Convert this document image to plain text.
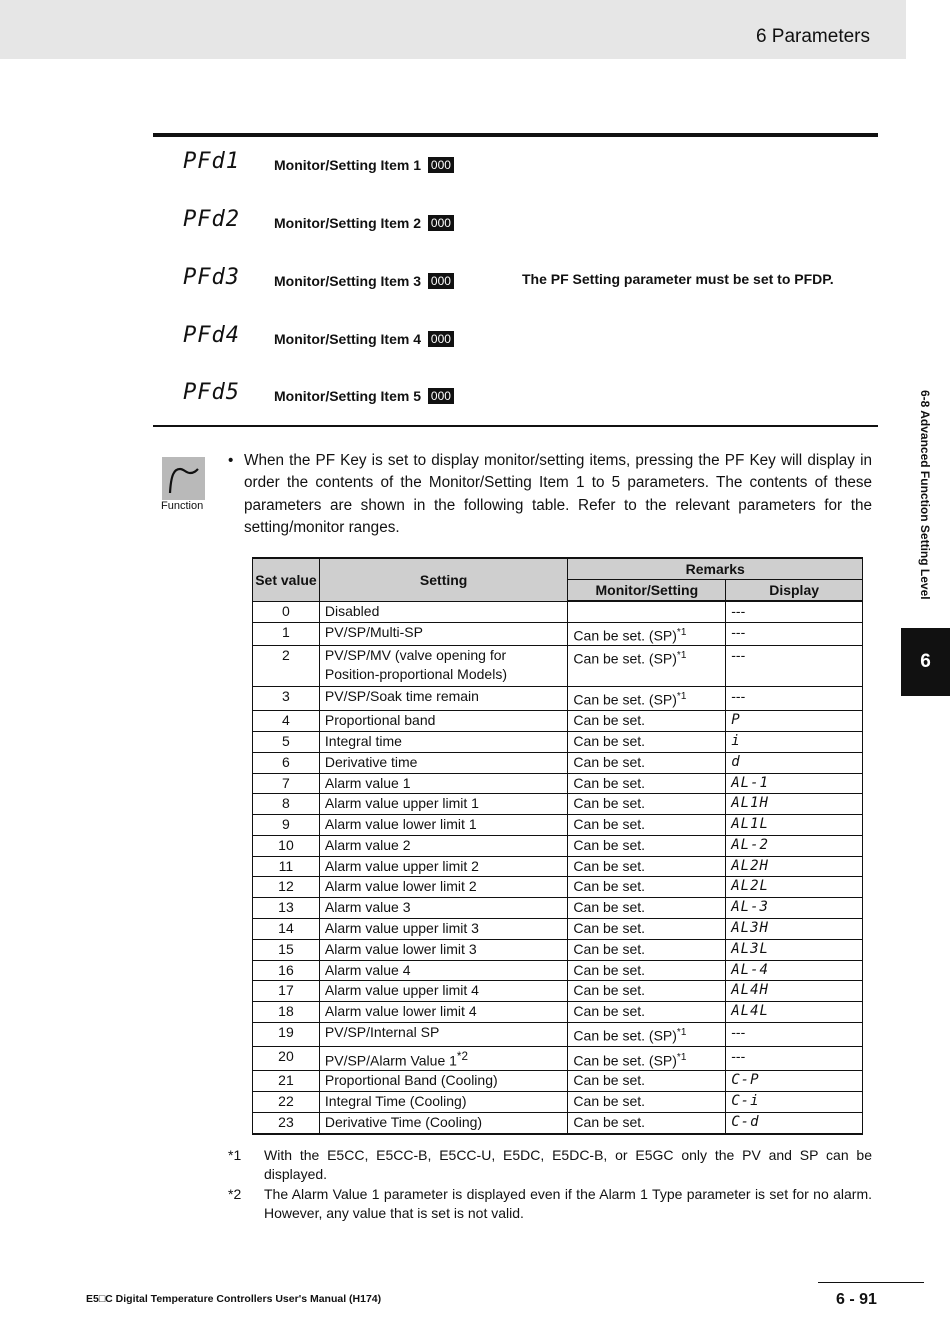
6 Parameters
PFd1 Monitor/Setting Item 1 000
PFd2 Monitor/Setting Item 2 000
PFd3 Monitor/Setting Item 3 000
PFd4 Monitor/Setting Item 4 000
PFd5 Monitor/Setting Item 5 000
The PF Setting parameter must be set to PFDP.
Function
• When the PF Key is set to display monitor/setting items, pressing the PF Key will display in order the contents of the Monitor/Setting Item 1 to 5 parameters. The contents of these parameters are shown in the following table. Refer to the relevant parameters for the setting/monitor ranges.
Set value	Setting	Remarks	
		Monitor/Setting	Display
0	Disabled		---
1	PV/SP/Multi-SP	Can be set. (SP)$^{*1}$	---
2	PV/SP/MV (valve opening for Position-proportional Models)	Can be set. (SP)$^{*1}$	---
3	PV/SP/Soak time remain	Can be set. (SP)$^{*1}$	---
4	Proportional band	Can be set.	P
5	Integral time	Can be set.	i
6	Derivative time	Can be set.	d
7	Alarm value 1	Can be set.	AL-1
8	Alarm value upper limit 1	Can be set.	AL1H
9	Alarm value lower limit 1	Can be set.	AL1L
10	Alarm value 2	Can be set.	AL-2
11	Alarm value upper limit 2	Can be set.	AL2H
12	Alarm value lower limit 2	Can be set.	AL2L
13	Alarm value 3	Can be set.	AL-3
14	Alarm value upper limit 3	Can be set.	AL3H
15	Alarm value lower limit 3	Can be set.	AL3L
16	Alarm value 4	Can be set.	AL-4
17	Alarm value upper limit 4	Can be set.	AL4H
18	Alarm value lower limit 4	Can be set.	AL4L
19	PV/SP/Internal SP	Can be set. (SP)$^{*1}$	---
20	PV/SP/Alarm Value 1$^{*2}$	Can be set. (SP)$^{*1}$	---
21	Proportional Band (Cooling)	Can be set.	C-P
22	Integral Time (Cooling)	Can be set.	C-i
23	Derivative Time (Cooling)	Can be set.	C-d
*1 With the E5CC, E5CC-B, E5CC-U, E5DC, E5DC-B, or E5GC only the PV and SP can be displayed.
*2 The Alarm Value 1 parameter is displayed even if the Alarm 1 Type parameter is set for no alarm. However, any value that is set is not valid.
6-8 Advanced Function Setting Level
6
E5□C Digital Temperature Controllers User's Manual (H174)	6 - 91
